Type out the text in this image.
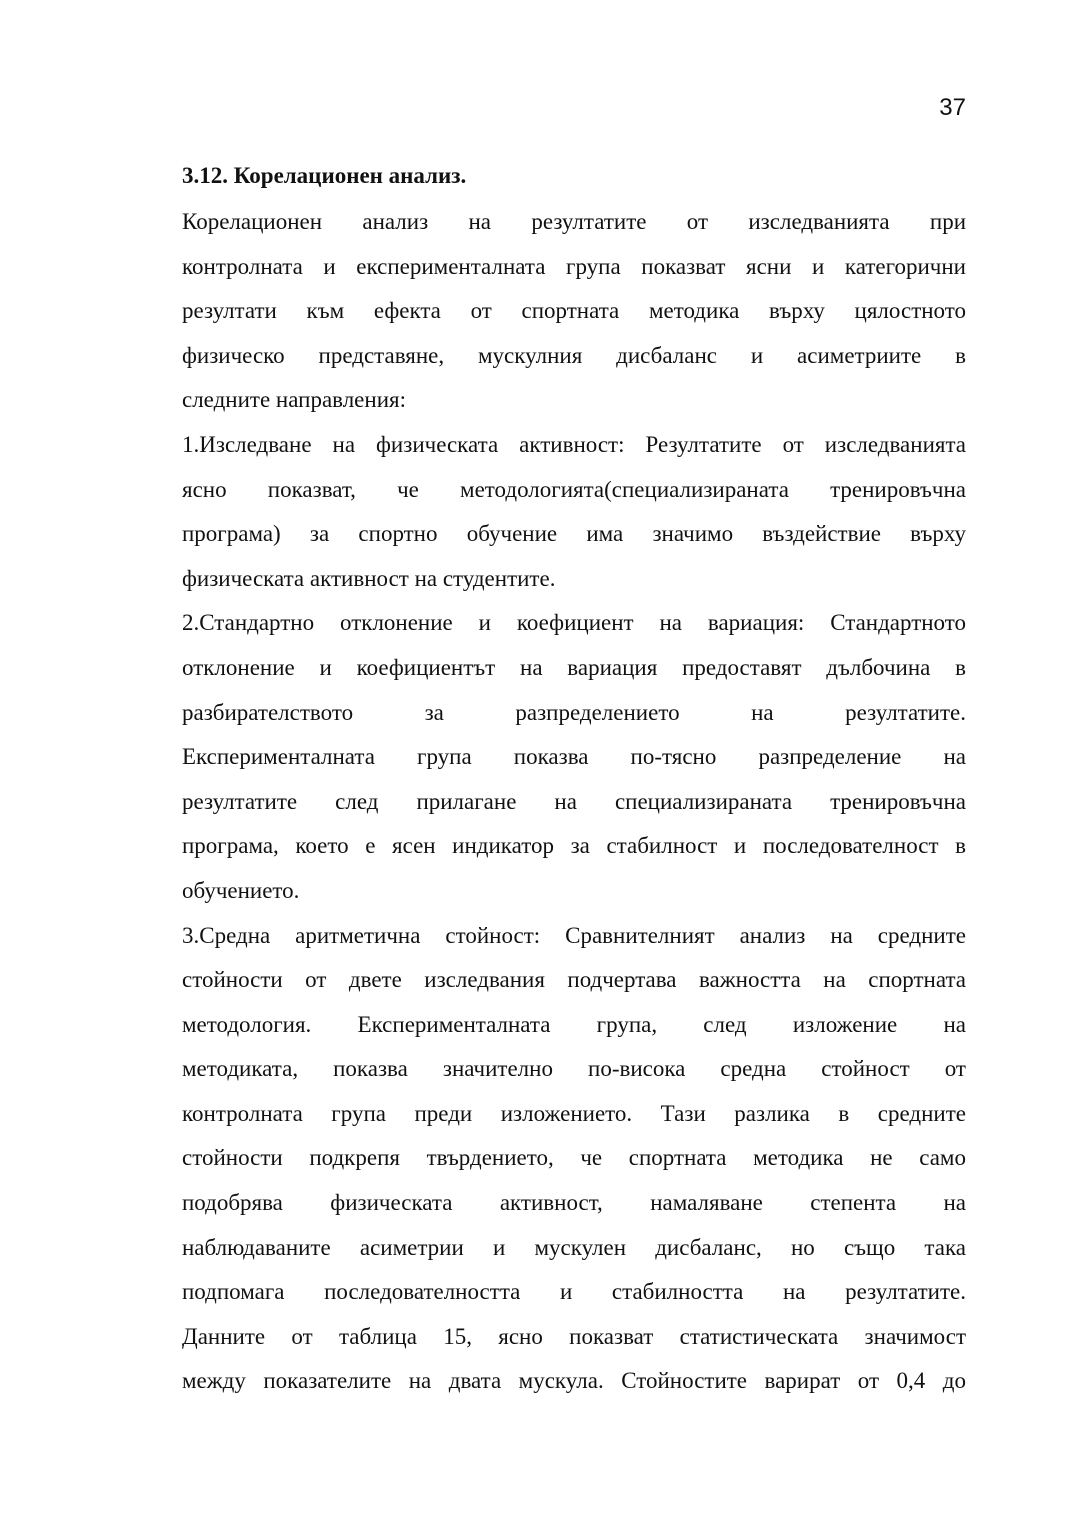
37
3.12. Корелационен анализ.

Корелационен анализ на резултатите от изследванията при
контролната и експерименталната група показват ясни и категорични
резултати към ефекта от спортната методика върху цялостното
физическо представяне, мускулния дисбаланс и асиметриите в
следните направления:

1.Изследване на физическата активност: Резултатите от изследванията
ясно показват, че методологията(специализираната тренировъчна
програма) за спортно обучение има значимо въздействие върху
физическата активност на студентите.

2.Стандартно отклонение и коефициент на вариация: Стандартното
отклонение и коефициентът на вариация предоставят дълбочина в
разбирателството за разпределението на резултатите.
Експерименталната група показва по-тясно разпределение на
резултатите след прилагане на специализираната тренировъчна
програма, което е ясен индикатор за стабилност и последователност в
обучението.

3.Средна аритметична стойност: Сравнителният анализ на средните
стойности от двете изследвания подчертава важността на спортната
методология. Експерименталната група, след изложение на
методиката, показва значително по-висока средна стойност от
контролната група преди изложението. Тази разлика в средните
стойности подкрепя твърдението, че спортната методика не само
подобрява физическата активност, намаляване степента на
наблюдаваните асиметрии и мускулен дисбаланс, но също така
подпомага последователността и стабилността на резултатите.
Данните от таблица 15, ясно показват статистическата значимост
между показателите на двата мускула. Стойностите варират от 0,4 до
